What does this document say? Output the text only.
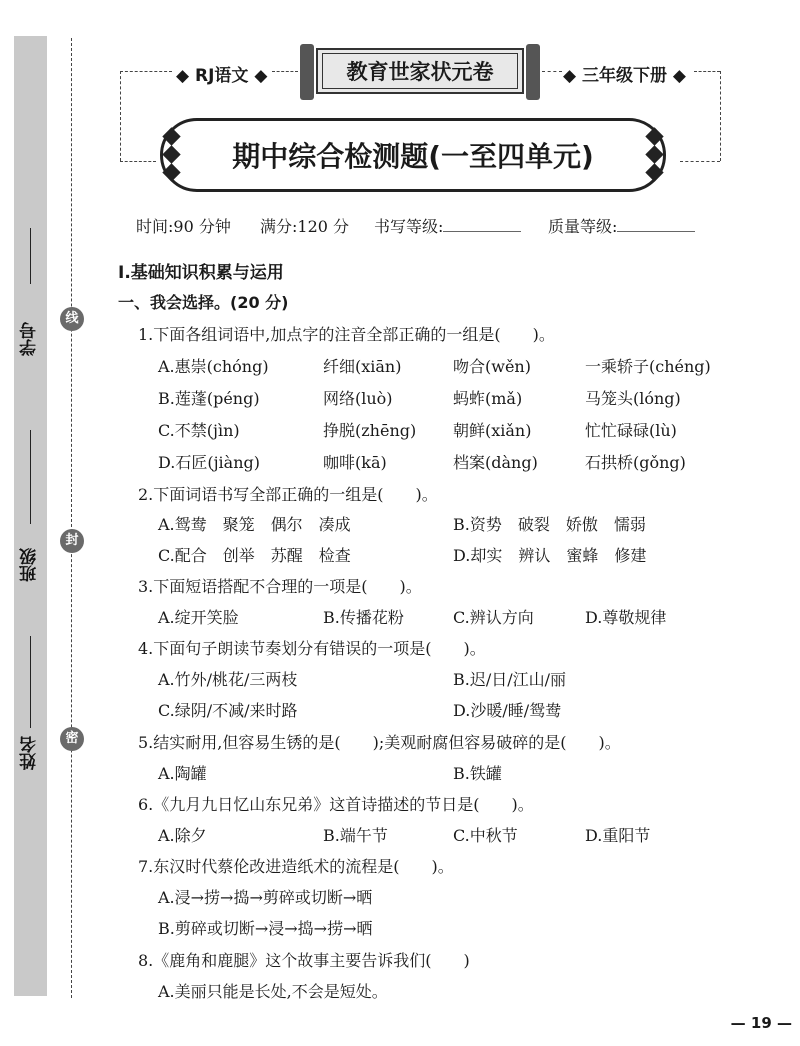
学号
班级
姓名
线
封
密
◆ RJ语文 ◆	教育世家状元卷	◆ 三年级下册 ◆
期中综合检测题(一至四单元)
时间:90 分钟 满分:120 分 书写等级:	质量等级:
Ⅰ.基础知识积累与运用
一、我会选择。(20 分)
1.下面各组词语中,加点字的注音全部正确的一组是(　　)。
A.惠崇(chóng)	纤细(xiān)	吻合(wěn)	一乘轿子(chéng)
B.莲蓬(péng)	网络(luò)	蚂蚱(mǎ)	马笼头(lóng)
C.不禁(jìn)	挣脱(zhēng) 朝鲜(xiǎn)	忙忙碌碌(lù)
D.石匠(jiàng)	咖啡(kā)	档案(dàng)	石拱桥(gǒng)
2.下面词语书写全部正确的一组是(　　)。
A.鸳鸯　聚笼　偶尔　凑成	B.资势　破裂　娇傲　懦弱
C.配合　创举　苏醒　检查	D.却实　辨认　蜜蜂　修建
3.下面短语搭配不合理的一项是(　　)。
A.绽开笑脸	B.传播花粉	C.辨认方向	D.尊敬规律
4.下面句子朗读节奏划分有错误的一项是(　　)。
A.竹外/桃花/三两枝	B.迟/日/江山/丽
C.绿阴/不减/来时路	D.沙暖/睡/鸳鸯
5.结实耐用,但容易生锈的是(　　);美观耐腐但容易破碎的是(　　)。
A.陶罐	B.铁罐
6.《九月九日忆山东兄弟》这首诗描述的节日是(　　)。
A.除夕	B.端午节	C.中秋节	D.重阳节
7.东汉时代蔡伦改进造纸术的流程是(　　)。
A.浸→捞→捣→剪碎或切断→晒
B.剪碎或切断→浸→捣→捞→晒
8.《鹿角和鹿腿》这个故事主要告诉我们(　　)
A.美丽只能是长处,不会是短处。
— 19 —
